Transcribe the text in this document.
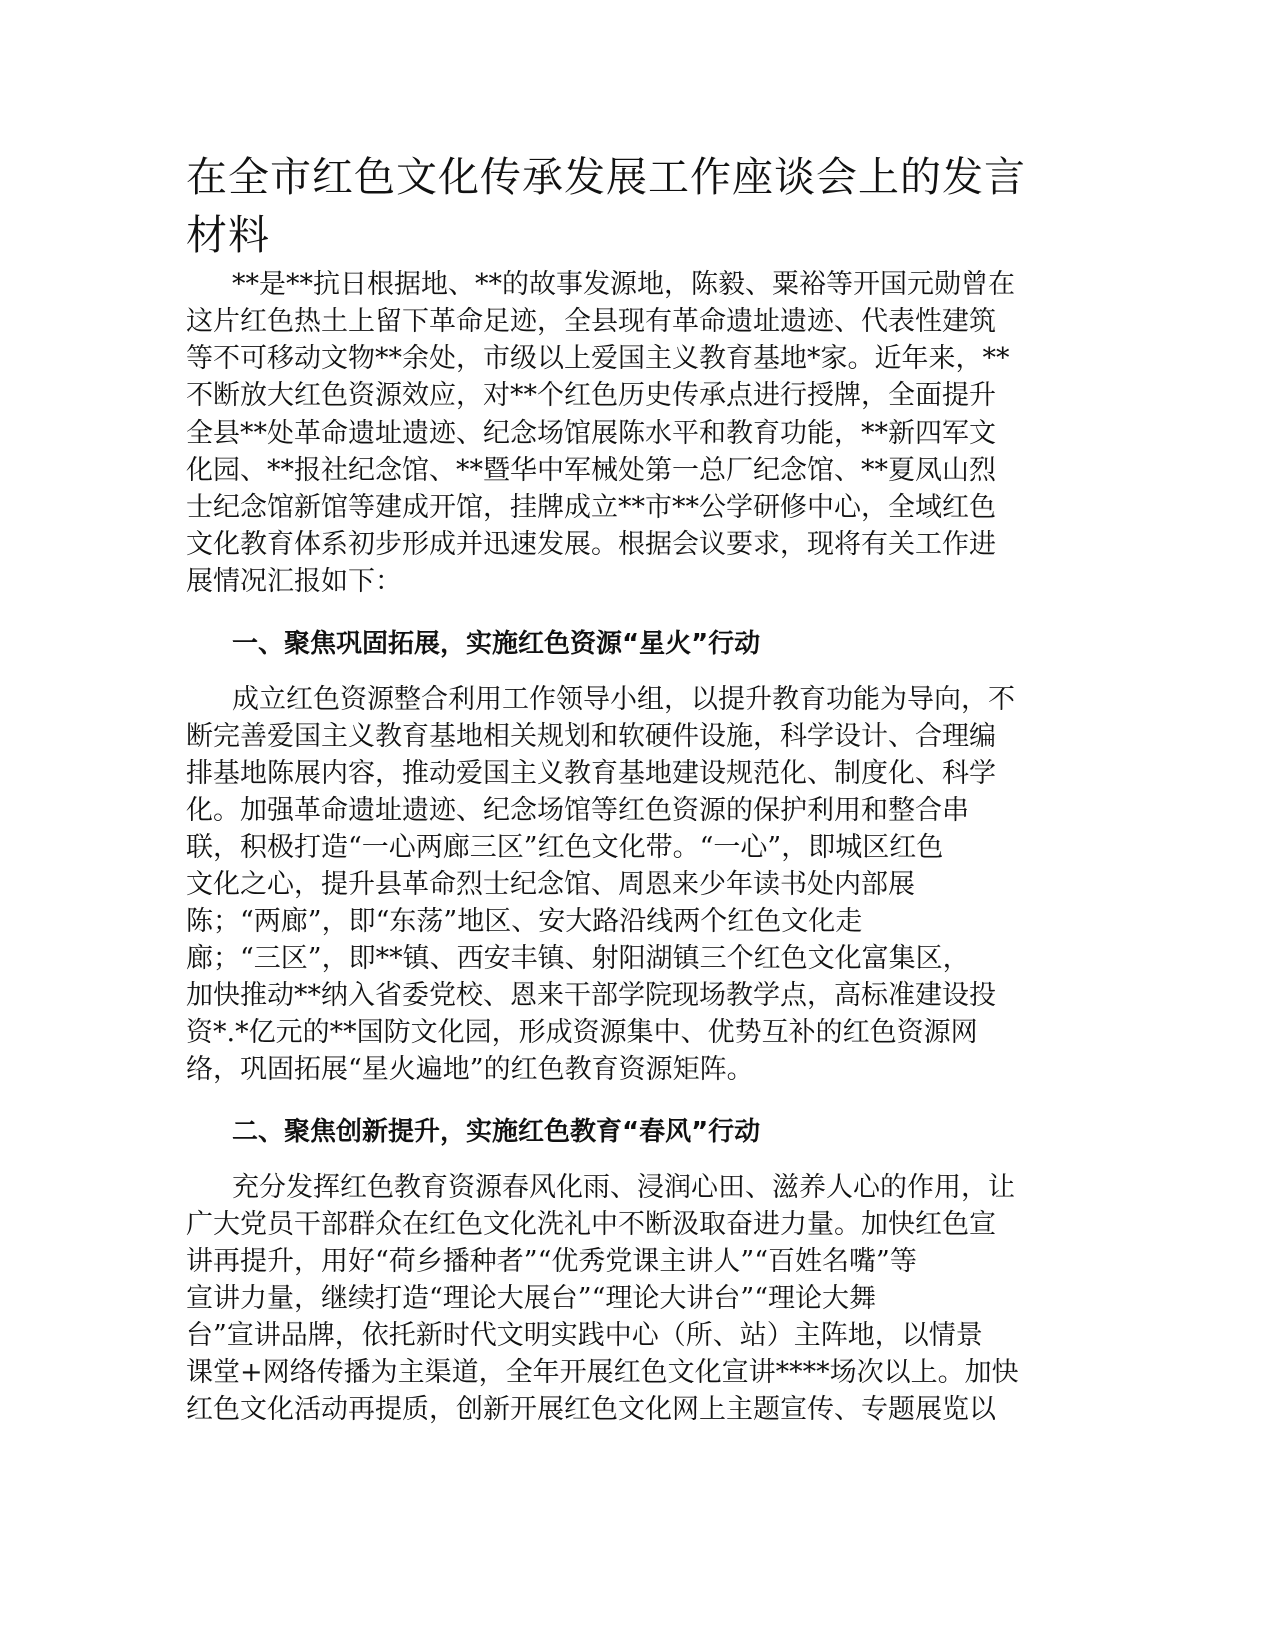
在全市红色文化传承发展工作座谈会上的发言材料

**是**抗日根据地、**的故事发源地，陈毅、粟裕等开国元勋曾在

这片红色热土上留下革命足迹，全县现有革命遗址遗迹、代表性建筑

等不可移动文物**余处，市级以上爱国主义教育基地*家。近年来，**

不断放大红色资源效应，对**个红色历史传承点进行授牌，全面提升

全县**处革命遗址遗迹、纪念场馆展陈水平和教育功能，**新四军文

化园、**报社纪念馆、**暨华中军械处第一总厂纪念馆、**夏凤山烈

士纪念馆新馆等建成开馆，挂牌成立**市**公学研修中心，全域红色

文化教育体系初步形成并迅速发展。根据会议要求，现将有关工作进

展情况汇报如下：

一、聚焦巩固拓展，实施红色资源“星火”行动

成立红色资源整合利用工作领导小组，以提升教育功能为导向，不

断完善爱国主义教育基地相关规划和软硬件设施，科学设计、合理编

排基地陈展内容，推动爱国主义教育基地建设规范化、制度化、科学

化。加强革命遗址遗迹、纪念场馆等红色资源的保护利用和整合串

联，积极打造“一心两廊三区”红色文化带。“一心”，即城区红色

文化之心，提升县革命烈士纪念馆、周恩来少年读书处内部展

陈；“两廊”，即“东荡”地区、安大路沿线两个红色文化走

廊；“三区”，即**镇、西安丰镇、射阳湖镇三个红色文化富集区，

加快推动**纳入省委党校、恩来干部学院现场教学点，高标准建设投

资*.*亿元的**国防文化园，形成资源集中、优势互补的红色资源网

络，巩固拓展“星火遍地”的红色教育资源矩阵。

二、聚焦创新提升，实施红色教育“春风”行动

充分发挥红色教育资源春风化雨、浸润心田、滋养人心的作用，让

广大党员干部群众在红色文化洗礼中不断汲取奋进力量。加快红色宣

讲再提升，用好“荷乡播种者”“优秀党课主讲人”“百姓名嘴”等

宣讲力量，继续打造“理论大展台”“理论大讲台”“理论大舞

台”宣讲品牌，依托新时代文明实践中心（所、站）主阵地，以情景

课堂+网络传播为主渠道，全年开展红色文化宣讲****场次以上。加快

红色文化活动再提质，创新开展红色文化网上主题宣传、专题展览以
